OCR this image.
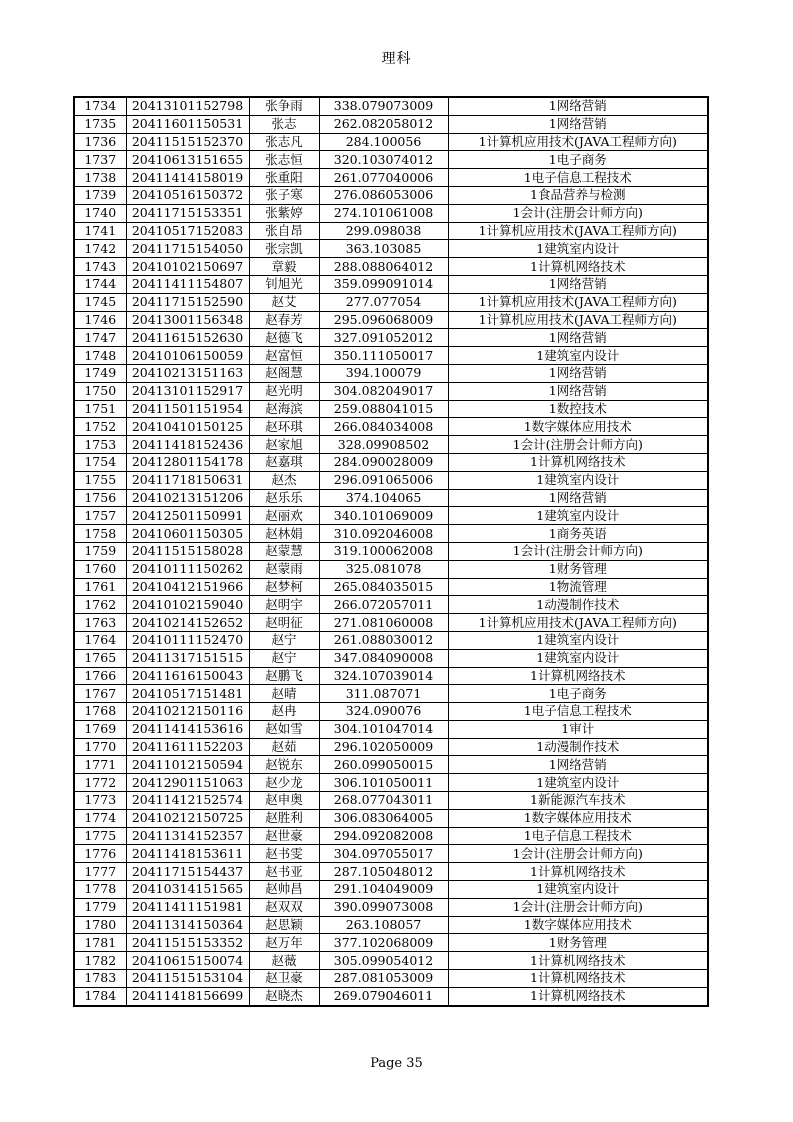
理科
1734	20413101152798	张争雨	338.079073009	1网络营销
1735	20411601150531	张志	262.082058012	1网络营销
1736	20411515152370	张志凡	284.100056	1计算机应用技术(JAVA工程师方向)
1737	20410613151655	张志恒	320.103074012	1电子商务
1738	20411414158019	张重阳	261.077040006	1电子信息工程技术
1739	20410516150372	张子寒	276.086053006	1食品营养与检测
1740	20411715153351	张紫婷	274.101061008	1会计(注册会计师方向)
1741	20410517152083	张自昂	299.098038	1计算机应用技术(JAVA工程师方向)
1742	20411715154050	张宗凯	363.103085	1建筑室内设计
1743	20410102150697	章毅	288.088064012	1计算机网络技术
1744	20411411154807	钊旭光	359.099091014	1网络营销
1745	20411715152590	赵艾	277.077054	1计算机应用技术(JAVA工程师方向)
1746	20413001156348	赵春芳	295.096068009	1计算机应用技术(JAVA工程师方向)
1747	20411615152630	赵德飞	327.091052012	1网络营销
1748	20410106150059	赵富恒	350.111050017	1建筑室内设计
1749	20410213151163	赵阁慧	394.100079	1网络营销
1750	20413101152917	赵光明	304.082049017	1网络营销
1751	20411501151954	赵海滨	259.088041015	1数控技术
1752	20410410150125	赵环琪	266.084034008	1数字媒体应用技术
1753	20411418152436	赵家旭	328.09908502	1会计(注册会计师方向)
1754	20412801154178	赵嘉琪	284.090028009	1计算机网络技术
1755	20411718150631	赵杰	296.091065006	1建筑室内设计
1756	20410213151206	赵乐乐	374.104065	1网络营销
1757	20412501150991	赵丽欢	340.101069009	1建筑室内设计
1758	20410601150305	赵林娟	310.092046008	1商务英语
1759	20411515158028	赵蒙慧	319.100062008	1会计(注册会计师方向)
1760	20410111150262	赵蒙雨	325.081078	1财务管理
1761	20410412151966	赵梦柯	265.084035015	1物流管理
1762	20410102159040	赵明宇	266.072057011	1动漫制作技术
1763	20410214152652	赵明征	271.081060008	1计算机应用技术(JAVA工程师方向)
1764	20410111152470	赵宁	261.088030012	1建筑室内设计
1765	20411317151515	赵宁	347.084090008	1建筑室内设计
1766	20411616150043	赵鹏飞	324.107039014	1计算机网络技术
1767	20410517151481	赵晴	311.087071	1电子商务
1768	20410212150116	赵冉	324.090076	1电子信息工程技术
1769	20411414153616	赵如雪	304.101047014	1审计
1770	20411611152203	赵茹	296.102050009	1动漫制作技术
1771	20411012150594	赵锐东	260.099050015	1网络营销
1772	20412901151063	赵少龙	306.101050011	1建筑室内设计
1773	20411412152574	赵申奥	268.077043011	1新能源汽车技术
1774	20410212150725	赵胜利	306.083064005	1数字媒体应用技术
1775	20411314152357	赵世豪	294.092082008	1电子信息工程技术
1776	20411418153611	赵书雯	304.097055017	1会计(注册会计师方向)
1777	20411715154437	赵书亚	287.105048012	1计算机网络技术
1778	20410314151565	赵帅昌	291.104049009	1建筑室内设计
1779	20411411151981	赵双双	390.099073008	1会计(注册会计师方向)
1780	20411314150364	赵思颖	263.108057	1数字媒体应用技术
1781	20411515153352	赵万年	377.102068009	1财务管理
1782	20410615150074	赵薇	305.099054012	1计算机网络技术
1783	20411515153104	赵卫豪	287.081053009	1计算机网络技术
1784	20411418156699	赵晓杰	269.079046011	1计算机网络技术
Page 35
